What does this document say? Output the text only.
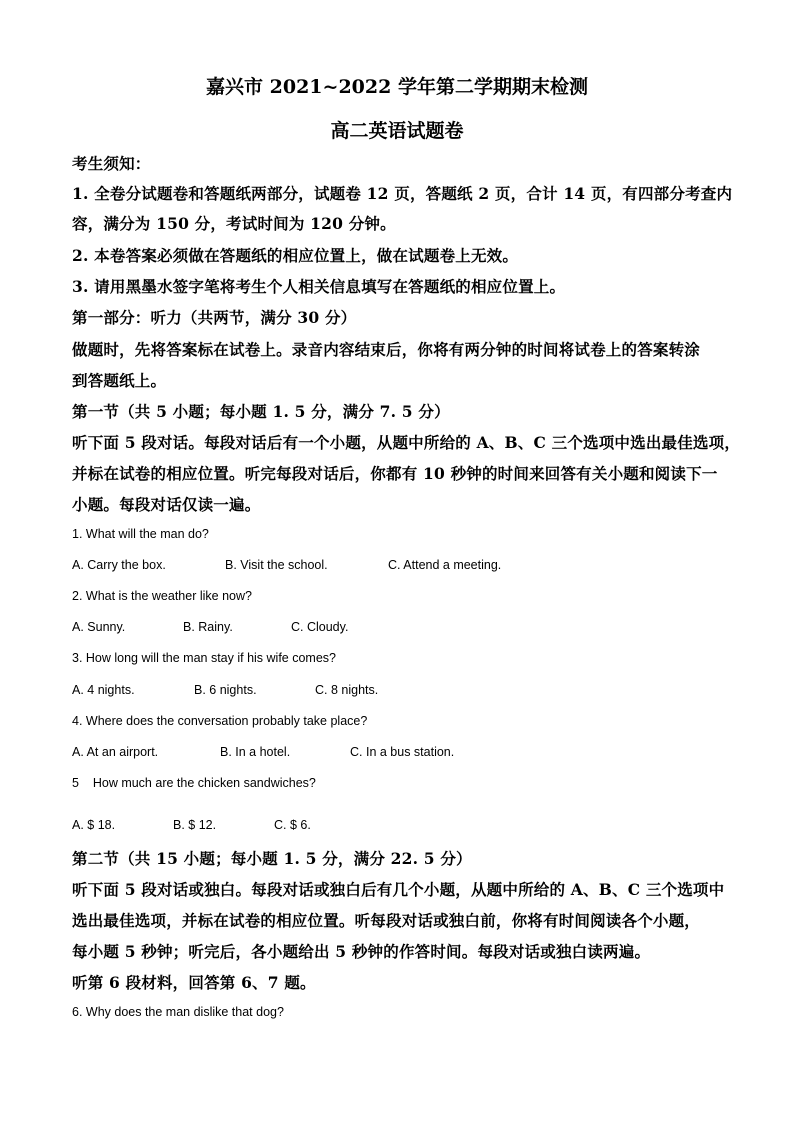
嘉兴市 2021~2022 学年第二学期期末检测
高二英语试题卷
考生须知：
1. 全卷分试题卷和答题纸两部分，试题卷 12 页，答题纸 2 页，合计 14 页，有四部分考查内
容，满分为 150 分，考试时间为 120 分钟。
2. 本卷答案必须做在答题纸的相应位置上，做在试题卷上无效。
3. 请用黑墨水签字笔将考生个人相关信息填写在答题纸的相应位置上。
第一部分：听力（共两节，满分 30 分）
做题时，先将答案标在试卷上。录音内容结束后，你将有两分钟的时间将试卷上的答案转涂
到答题纸上。
第一节（共 5 小题；每小题 1. 5 分，满分 7. 5 分）
听下面 5 段对话。每段对话后有一个小题，从题中所给的 A、B、C 三个选项中选出最佳选项，
并标在试卷的相应位置。听完每段对话后，你都有 10 秒钟的时间来回答有关小题和阅读下一
小题。每段对话仅读一遍。
1. What will the man do?
A. Carry the box.	B. Visit the school.	C. Attend a meeting.
2. What is the weather like now?
A. Sunny.	B. Rainy.	C. Cloudy.
3. How long will the man stay if his wife comes?
A. 4 nights.	B. 6 nights.	C. 8 nights.
4. Where does the conversation probably take place?
A. At an airport.	B. In a hotel.	C. In a bus station.
5    How much are the chicken sandwiches?
A. $ 18.	B. $ 12.	C. $ 6.
第二节（共 15 小题；每小题 1. 5 分，满分 22. 5 分）
听下面 5 段对话或独白。每段对话或独白后有几个小题，从题中所给的 A、B、C 三个选项中
选出最佳选项，并标在试卷的相应位置。听每段对话或独白前，你将有时间阅读各个小题，
每小题 5 秒钟；听完后，各小题给出 5 秒钟的作答时间。每段对话或独白读两遍。
听第 6 段材料，回答第 6、7 题。
6. Why does the man dislike that dog?
